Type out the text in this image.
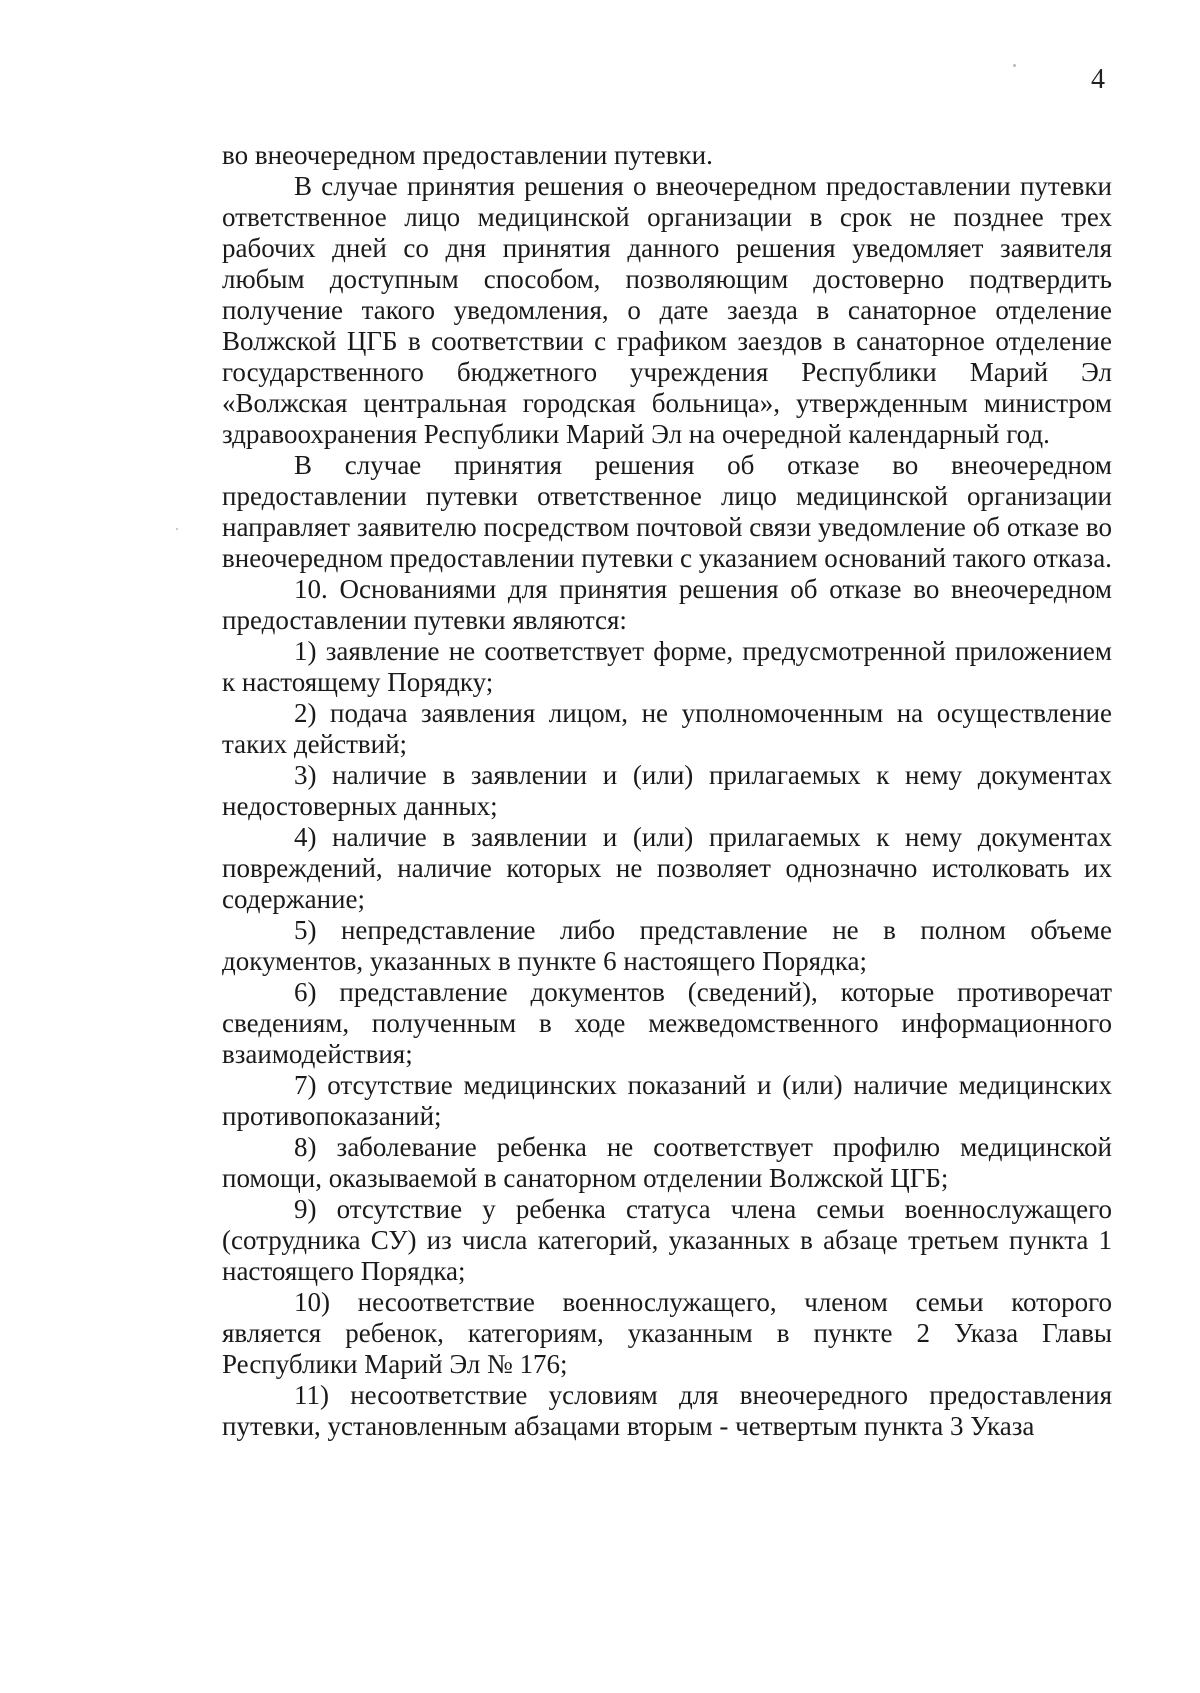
4

во внеочередном предоставлении путевки.

В случае принятия решения о внеочередном предоставлении путевки ответственное лицо медицинской организации в срок не позднее трех рабочих дней со дня принятия данного решения уведомляет заявителя любым доступным способом, позволяющим достоверно подтвердить получение такого уведомления, о дате заезда в санаторное отделение Волжской ЦГБ в соответствии с графиком заездов в санаторное отделение государственного бюджетного учреждения Республики Марий Эл «Волжская центральная городская больница», утвержденным министром здравоохранения Республики Марий Эл на очередной календарный год.

В случае принятия решения об отказе во внеочередном предоставлении путевки ответственное лицо медицинской организации направляет заявителю посредством почтовой связи уведомление об отказе во внеочередном предоставлении путевки с указанием оснований такого отказа.

10. Основаниями для принятия решения об отказе во внеочередном предоставлении путевки являются:

1) заявление не соответствует форме, предусмотренной приложением к настоящему Порядку;

2) подача заявления лицом, не уполномоченным на осуществление таких действий;

3) наличие в заявлении и (или) прилагаемых к нему документах недостоверных данных;

4) наличие в заявлении и (или) прилагаемых к нему документах повреждений, наличие которых не позволяет однозначно истолковать их содержание;

5) непредставление либо представление не в полном объеме документов, указанных в пункте 6 настоящего Порядка;

6) представление документов (сведений), которые противоречат сведениям, полученным в ходе межведомственного информационного взаимодействия;

7) отсутствие медицинских показаний и (или) наличие медицинских противопоказаний;

8) заболевание ребенка не соответствует профилю медицинской помощи, оказываемой в санаторном отделении Волжской ЦГБ;

9) отсутствие у ребенка статуса члена семьи военнослужащего (сотрудника СУ) из числа категорий, указанных в абзаце третьем пункта 1 настоящего Порядка;

10) несоответствие военнослужащего, членом семьи которого является ребенок, категориям, указанным в пункте 2 Указа Главы Республики Марий Эл № 176;

11) несоответствие условиям для внеочередного предоставления путевки, установленным абзацами вторым - четвертым пункта 3 Указа
